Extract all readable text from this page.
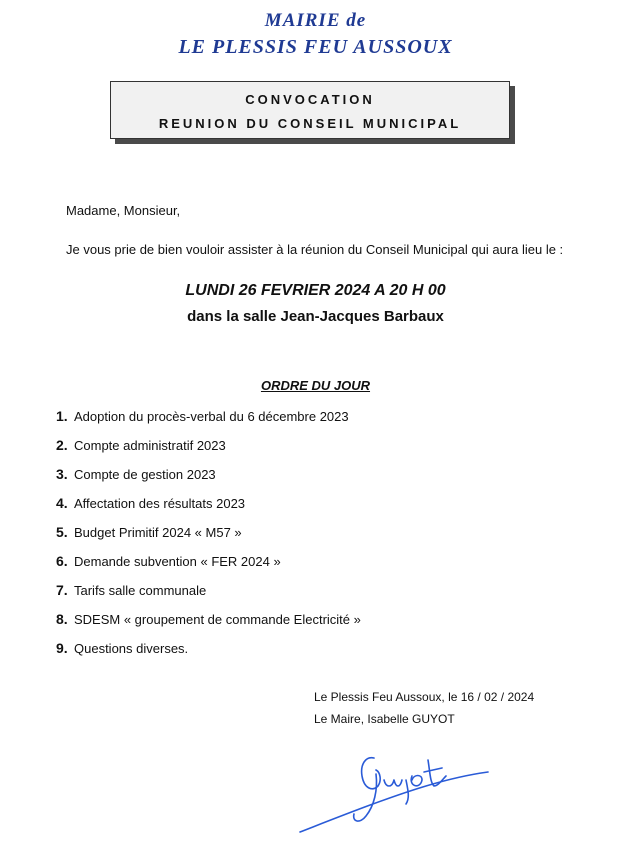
MAIRIE de
LE PLESSIS FEU AUSSOUX
CONVOCATION
REUNION DU CONSEIL MUNICIPAL
Madame, Monsieur,
Je vous prie de bien vouloir assister à la réunion du Conseil Municipal qui aura lieu le :
LUNDI 26 FEVRIER 2024 A 20 H 00
dans la salle Jean-Jacques Barbaux
ORDRE DU JOUR
1. Adoption du procès-verbal du 6 décembre 2023
2. Compte administratif 2023
3. Compte de gestion 2023
4. Affectation des résultats 2023
5. Budget Primitif 2024 « M57 »
6. Demande subvention « FER 2024 »
7. Tarifs salle communale
8. SDESM « groupement de commande Electricité »
9. Questions diverses.
Le Plessis Feu Aussoux, le 16 / 02 / 2024
Le Maire, Isabelle GUYOT
